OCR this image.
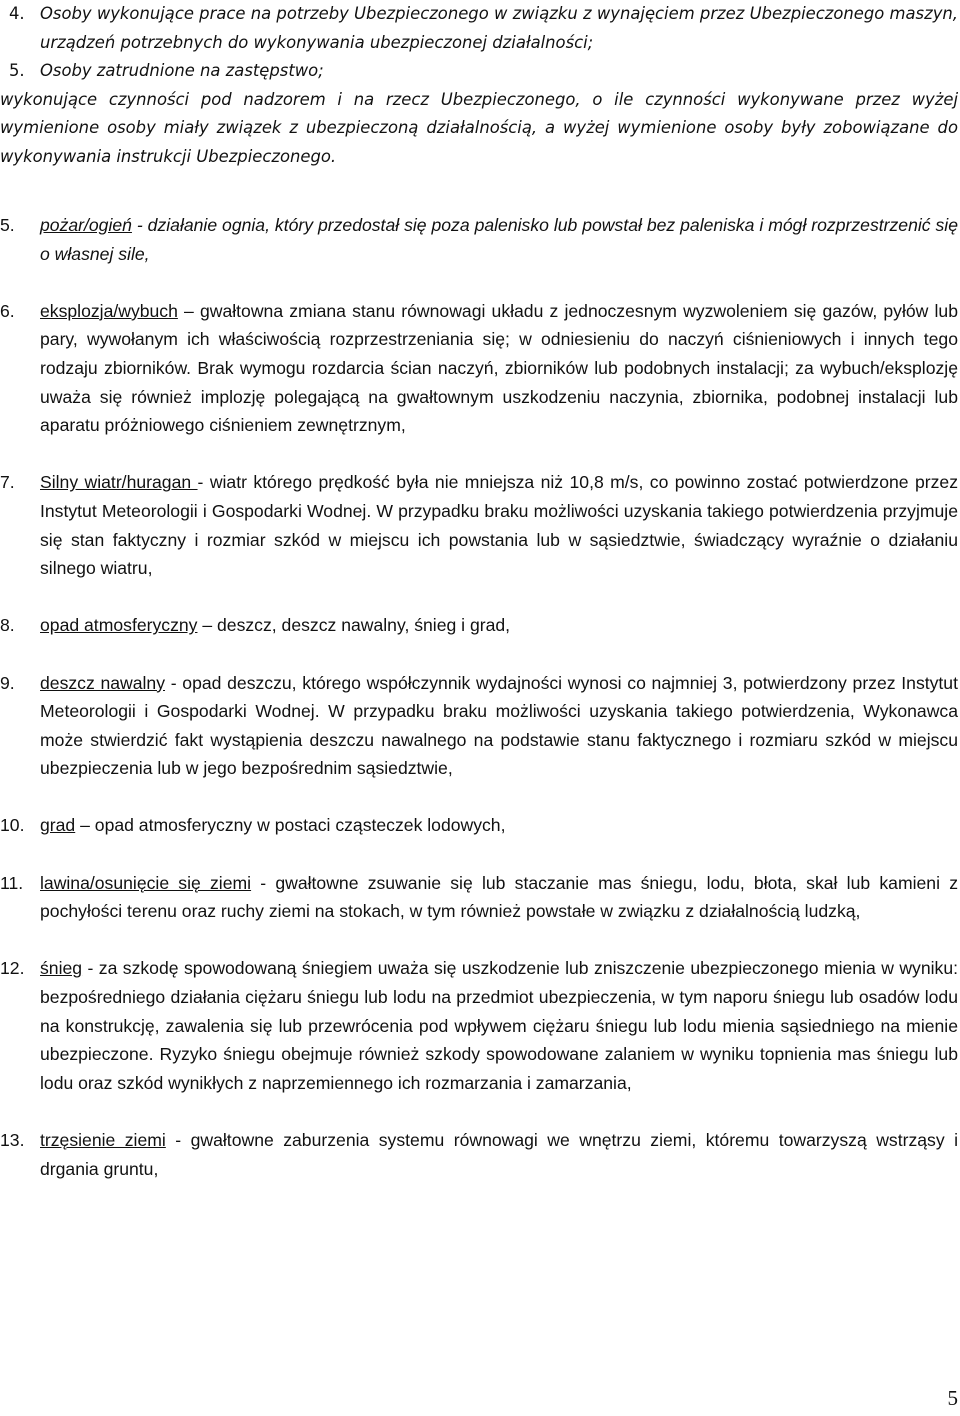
4. Osoby wykonujące prace na potrzeby Ubezpieczonego w związku z wynajęciem przez Ubezpieczonego maszyn, urządzeń potrzebnych do wykonywania ubezpieczonej działalności;
5. Osoby zatrudnione na zastępstwo;
wykonujące czynności pod nadzorem i na rzecz Ubezpieczonego, o ile czynności wykonywane przez wyżej wymienione osoby miały związek z ubezpieczoną działalnością, a wyżej wymienione osoby były zobowiązane do wykonywania instrukcji Ubezpieczonego.
5. pożar/ogień - działanie ognia, który przedostał się poza palenisko lub powstał bez paleniska i mógł rozprzestrzenić się o własnej sile,
6. eksplozja/wybuch – gwałtowna zmiana stanu równowagi układu z jednoczesnym wyzwoleniem się gazów, pyłów lub pary, wywołanym ich właściwością rozprzestrzeniania się; w odniesieniu do naczyń ciśnieniowych i innych tego rodzaju zbiorników. Brak wymogu rozdarcia ścian naczyń, zbiorników lub podobnych instalacji; za wybuch/eksplozję uważa się również implozję polegającą na gwałtownym uszkodzeniu naczynia, zbiornika, podobnej instalacji lub aparatu próżniowego ciśnieniem zewnętrznym,
7. Silny wiatr/huragan - wiatr którego prędkość była nie mniejsza niż 10,8 m/s, co powinno zostać potwierdzone przez Instytut Meteorologii i Gospodarki Wodnej. W przypadku braku możliwości uzyskania takiego potwierdzenia przyjmuje się stan faktyczny i rozmiar szkód w miejscu ich powstania lub w sąsiedztwie, świadczący wyraźnie o działaniu silnego wiatru,
8. opad atmosferyczny – deszcz, deszcz nawalny, śnieg i grad,
9. deszcz nawalny - opad deszczu, którego współczynnik wydajności wynosi co najmniej 3, potwierdzony przez Instytut Meteorologii i Gospodarki Wodnej. W przypadku braku możliwości uzyskania takiego potwierdzenia, Wykonawca może stwierdzić fakt wystąpienia deszczu nawalnego na podstawie stanu faktycznego i rozmiaru szkód w miejscu ubezpieczenia lub w jego bezpośrednim sąsiedztwie,
10. grad – opad atmosferyczny w postaci cząsteczek lodowych,
11. lawina/osunięcie się ziemi - gwałtowne zsuwanie się lub staczanie mas śniegu, lodu, błota, skał lub kamieni z pochyłości terenu oraz ruchy ziemi na stokach, w tym również powstałe w związku z działalnością ludzką,
12. śnieg - za szkodę spowodowaną śniegiem uważa się uszkodzenie lub zniszczenie ubezpieczonego mienia w wyniku: bezpośredniego działania ciężaru śniegu lub lodu na przedmiot ubezpieczenia, w tym naporu śniegu lub osadów lodu na konstrukcję, zawalenia się lub przewrócenia pod wpływem ciężaru śniegu lub lodu mienia sąsiedniego na mienie ubezpieczone. Ryzyko śniegu obejmuje również szkody spowodowane zalaniem w wyniku topnienia mas śniegu lub lodu oraz szkód wynikłych z naprzemiennego ich rozmarzania i zamarzania,
13. trzęsienie ziemi - gwałtowne zaburzenia systemu równowagi we wnętrzu ziemi, któremu towarzyszą wstrząsy i drgania gruntu,
5
